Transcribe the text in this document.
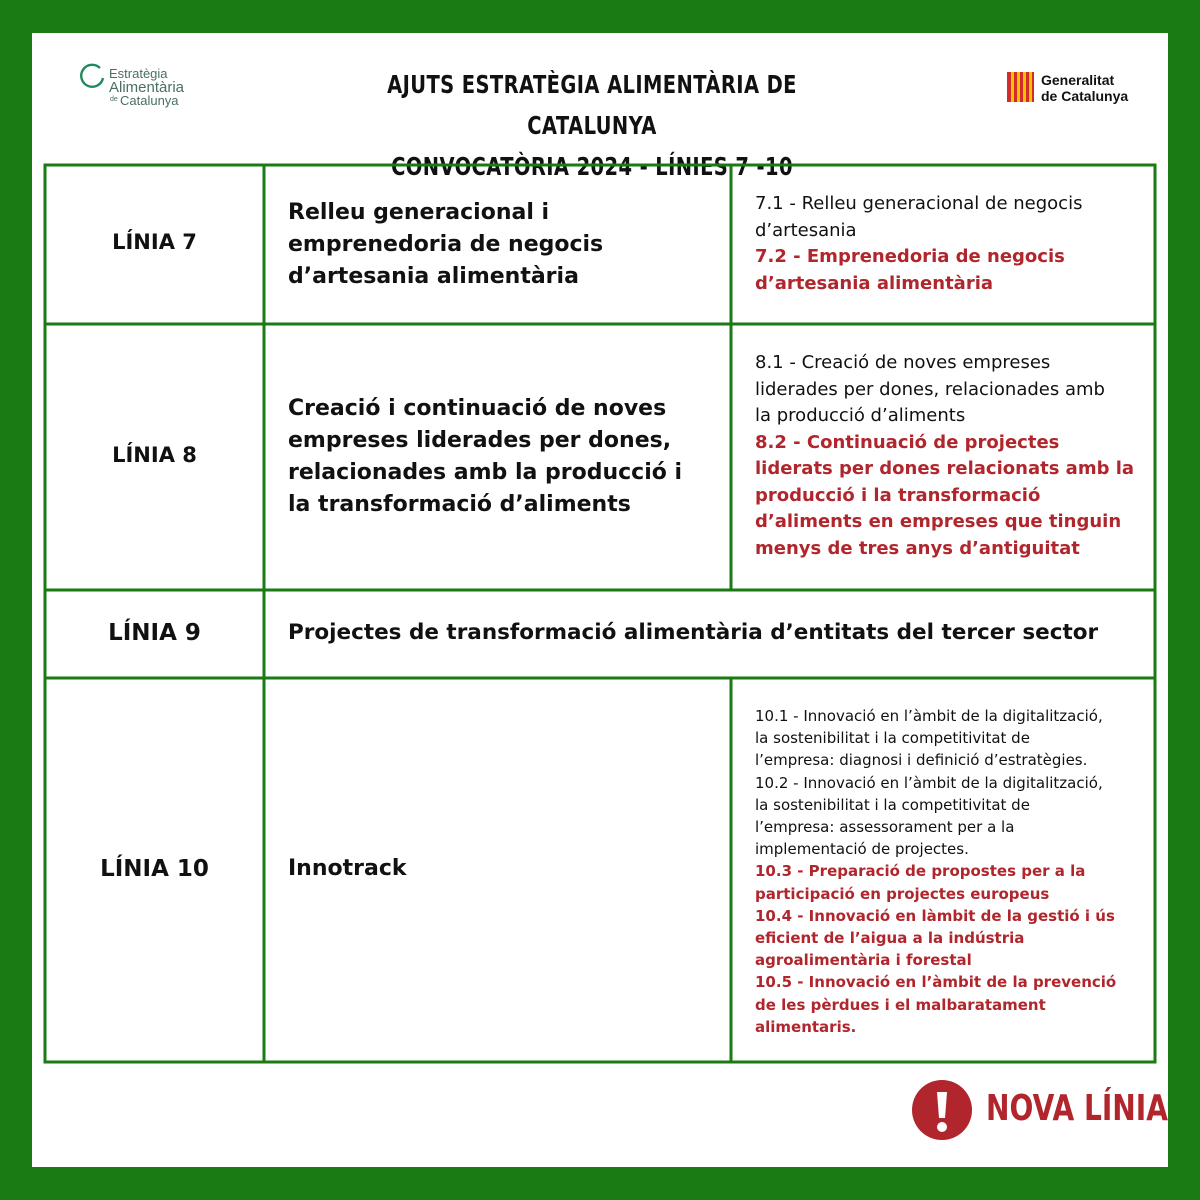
Estratègia
Alimentària
de Catalunya
AJUTS ESTRATÈGIA ALIMENTÀRIA DE CATALUNYA
CONVOCATÒRIA 2024 - LÍNIES 7 -10
Generalitat
de Catalunya
LÍNIA 7
Relleu generacional i
emprenedoria de negocis
d’artesania alimentària
7.1 - Relleu generacional de negocis
d’artesania
7.2 - Emprenedoria de negocis
d’artesania alimentària
LÍNIA 8
Creació i continuació de noves
empreses liderades per dones,
relacionades amb la producció i
la transformació d’aliments
8.1 - Creació de noves empreses
liderades per dones, relacionades amb
la producció d’aliments
8.2 - Continuació de projectes
liderats per dones relacionats amb la
producció i la transformació
d’aliments en empreses que tinguin
menys de tres anys d’antiguitat
LÍNIA 9	Projectes de transformació alimentària d’entitats del tercer sector
LÍNIA 10	Innotrack
10.1 - Innovació en l’àmbit de la digitalització,
la sostenibilitat i la competitivitat de
l’empresa: diagnosi i definició d’estratègies.
10.2 - Innovació en l’àmbit de la digitalització,
la sostenibilitat i la competitivitat de
l’empresa: assessorament per a la
implementació de projectes.
10.3 - Preparació de propostes per a la
participació en projectes europeus
10.4 - Innovació en làmbit de la gestió i ús
eficient de l’aigua a la indústria
agroalimentària i forestal
10.5 - Innovació en l’àmbit de la prevenció
de les pèrdues i el malbaratament
alimentaris.
NOVA LÍNIA
